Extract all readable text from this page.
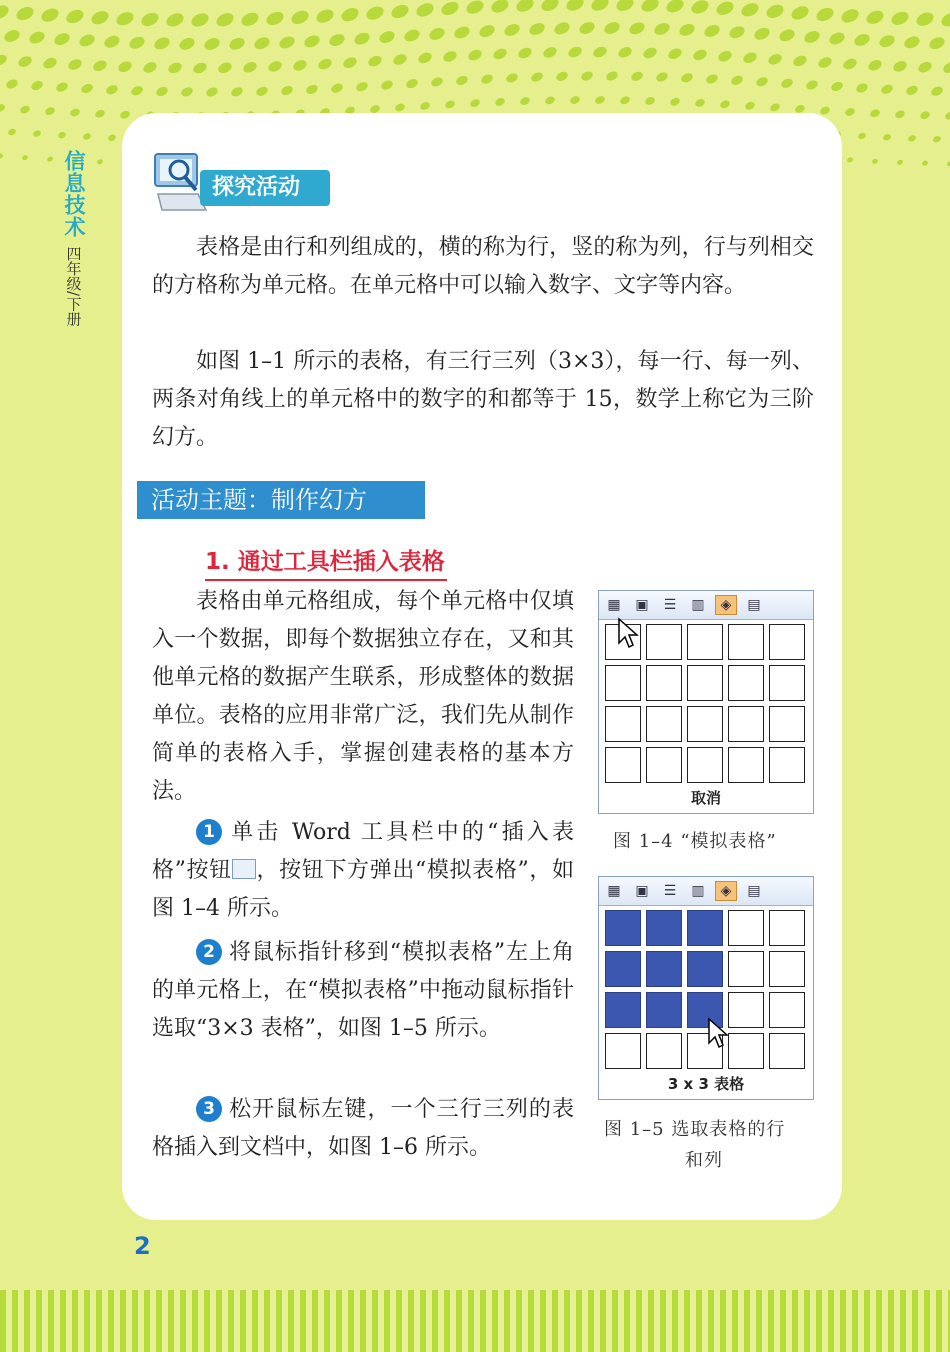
信息技术
四年级/下册
探究活动

表格是由行和列组成的，横的称为行，竖的称为列，行与列相交的方格称为单元格。在单元格中可以输入数字、文字等内容。

如图 1–1 所示的表格，有三行三列（3×3），每一行、每一列、两条对角线上的单元格中的数字的和都等于 15，数学上称它为三阶幻方。

活动主题：制作幻方
1. 通过工具栏插入表格

表格由单元格组成，每个单元格中仅填入一个数据，即每个数据独立存在，又和其他单元格的数据产生联系，形成整体的数据单位。表格的应用非常广泛，我们先从制作简单的表格入手，掌握创建表格的基本方法。

1 单击 Word 工具栏中的“插入表格”按钮 ，按钮下方弹出“模拟表格”，如图 1–4 所示。

2 将鼠标指针移到“模拟表格”左上角的单元格上，在“模拟表格”中拖动鼠标指针选取“3×3 表格”，如图 1–5 所示。

3 松开鼠标左键，一个三行三列的表格插入到文档中，如图 1–6 所示。

▦	▣	☰	▥	◈	▤
取消
图 1–4 “模拟表格”
▦	▣	☰	▥	◈	▤
3 x 3 表格
图 1–5 选取表格的行
和列
2
